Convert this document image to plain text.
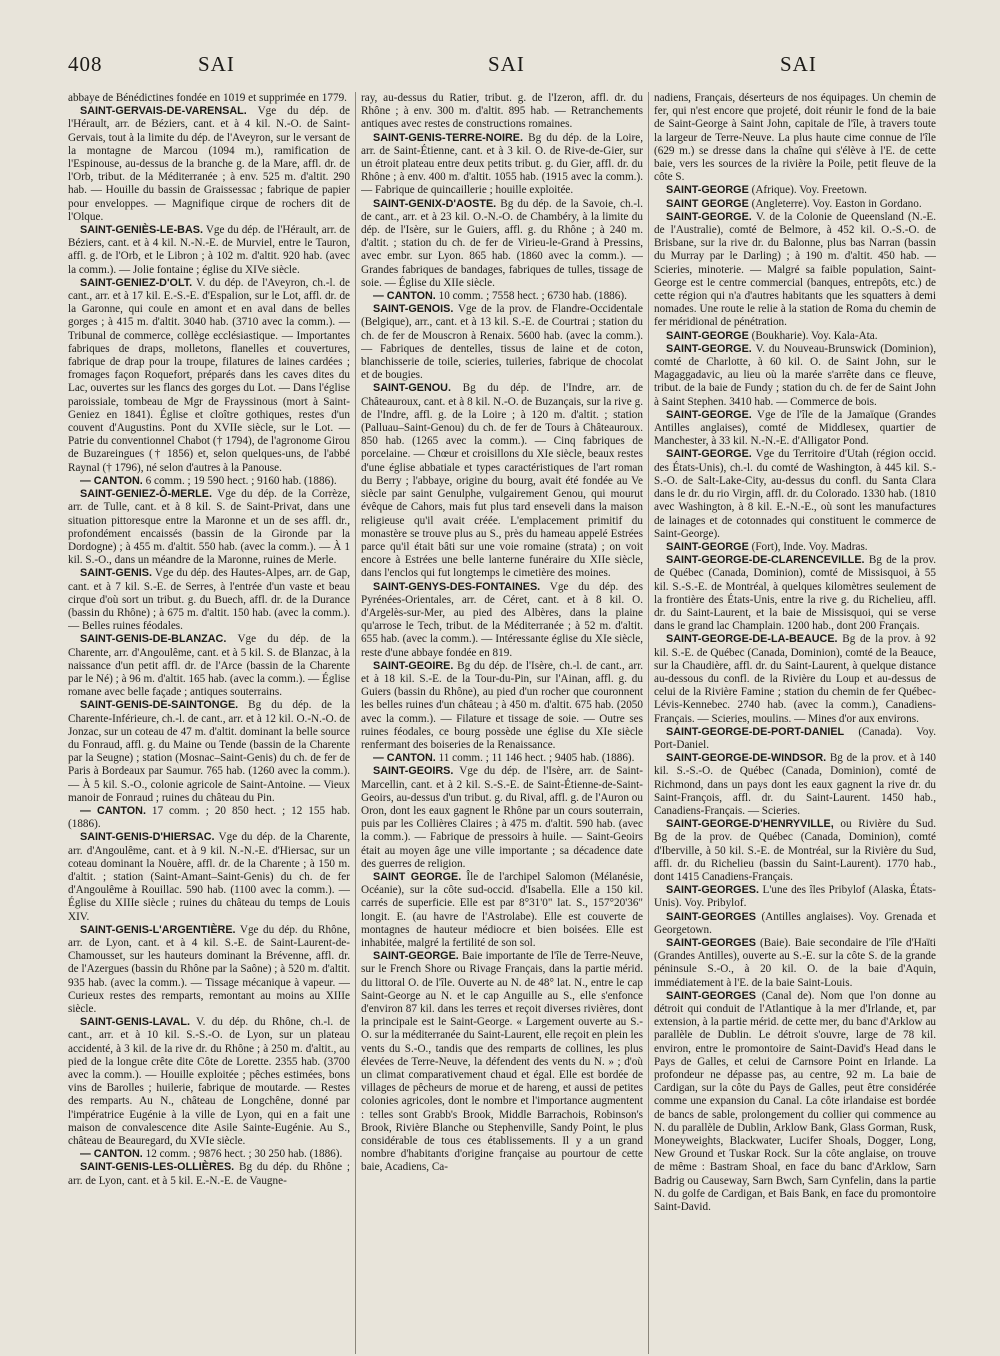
408	SAI	SAI	SAI

abbaye de Bénédictines fondée en 1019 et supprimée en 1779.

SAINT-GERVAIS-DE-VARENSAL. Vge du dép. de l'Hérault, arr. de Béziers, cant. et à 4 kil. N.-O. de Saint-Gervais, tout à la limite du dép. de l'Aveyron, sur le versant de la montagne de Marcou (1094 m.), ramification de l'Espinouse, au-dessus de la branche g. de la Mare, affl. dr. de l'Orb, tribut. de la Méditerranée ; à env. 525 m. d'altit. 290 hab. — Houille du bassin de Graissessac ; fabrique de papier pour enveloppes. — Magnifique cirque de rochers dit de l'Olque.

SAINT-GENIÈS-LE-BAS. Vge du dép. de l'Hérault, arr. de Béziers, cant. et à 4 kil. N.-N.-E. de Murviel, entre le Tauron, affl. g. de l'Orb, et le Libron ; à 102 m. d'altit. 920 hab. (avec la comm.). — Jolie fontaine ; église du XIVe siècle.

SAINT-GENIEZ-D'OLT. V. du dép. de l'Aveyron, ch.-l. de cant., arr. et à 17 kil. E.-S.-E. d'Espalion, sur le Lot, affl. dr. de la Garonne, qui coule en amont et en aval dans de belles gorges ; à 415 m. d'altit. 3040 hab. (3710 avec la comm.). — Tribunal de commerce, collège ecclésiastique. — Importantes fabriques de draps, molletons, flanelles et couvertures, fabrique de drap pour la troupe, filatures de laines cardées ; fromages façon Roquefort, préparés dans les caves dites du Lac, ouvertes sur les flancs des gorges du Lot. — Dans l'église paroissiale, tombeau de Mgr de Frayssinous (mort à Saint-Geniez en 1841). Église et cloître gothiques, restes d'un couvent d'Augustins. Pont du XVIIe siècle, sur le Lot. — Patrie du conventionnel Chabot († 1794), de l'agronome Girou de Buzareingues († 1856) et, selon quelques-uns, de l'abbé Raynal († 1796), né selon d'autres à la Panouse.

— CANTON. 6 comm. ; 19 590 hect. ; 9160 hab. (1886).

SAINT-GENIEZ-Ô-MERLE. Vge du dép. de la Corrèze, arr. de Tulle, cant. et à 8 kil. S. de Saint-Privat, dans une situation pittoresque entre la Maronne et un de ses affl. dr., profondément encaissés (bassin de la Gironde par la Dordogne) ; à 455 m. d'altit. 550 hab. (avec la comm.). — À 1 kil. S.-O., dans un méandre de la Maronne, ruines de Merle.

SAINT-GENIS. Vge du dép. des Hautes-Alpes, arr. de Gap, cant. et à 7 kil. S.-E. de Serres, à l'entrée d'un vaste et beau cirque d'où sort un tribut. g. du Buech, affl. dr. de la Durance (bassin du Rhône) ; à 675 m. d'altit. 150 hab. (avec la comm.). — Belles ruines féodales.

SAINT-GENIS-DE-BLANZAC. Vge du dép. de la Charente, arr. d'Angoulême, cant. et à 5 kil. S. de Blanzac, à la naissance d'un petit affl. dr. de l'Arce (bassin de la Charente par le Né) ; à 96 m. d'altit. 165 hab. (avec la comm.). — Église romane avec belle façade ; antiques souterrains.

SAINT-GENIS-DE-SAINTONGE. Bg du dép. de la Charente-Inférieure, ch.-l. de cant., arr. et à 12 kil. O.-N.-O. de Jonzac, sur un coteau de 47 m. d'altit. dominant la belle source du Fonraud, affl. g. du Maine ou Tende (bassin de la Charente par la Seugne) ; station (Mosnac–Saint-Genis) du ch. de fer de Paris à Bordeaux par Saumur. 765 hab. (1260 avec la comm.). — À 5 kil. S.-O., colonie agricole de Saint-Antoine. — Vieux manoir de Fonraud ; ruines du château du Pin.

— CANTON. 17 comm. ; 20 850 hect. ; 12 155 hab. (1886).

SAINT-GENIS-D'HIERSAC. Vge du dép. de la Charente, arr. d'Angoulême, cant. et à 9 kil. N.-N.-E. d'Hiersac, sur un coteau dominant la Nouère, affl. dr. de la Charente ; à 150 m. d'altit. ; station (Saint-Amant–Saint-Genis) du ch. de fer d'Angoulême à Rouillac. 590 hab. (1100 avec la comm.). — Église du XIIIe siècle ; ruines du château du temps de Louis XIV.

SAINT-GENIS-L'ARGENTIÈRE. Vge du dép. du Rhône, arr. de Lyon, cant. et à 4 kil. S.-E. de Saint-Laurent-de-Chamousset, sur les hauteurs dominant la Brévenne, affl. dr. de l'Azergues (bassin du Rhône par la Saône) ; à 520 m. d'altit. 935 hab. (avec la comm.). — Tissage mécanique à vapeur. — Curieux restes des remparts, remontant au moins au XIIIe siècle.

SAINT-GENIS-LAVAL. V. du dép. du Rhône, ch.-l. de cant., arr. et à 10 kil. S.-S.-O. de Lyon, sur un plateau accidenté, à 3 kil. de la rive dr. du Rhône ; à 250 m. d'altit., au pied de la longue crête dite Côte de Lorette. 2355 hab. (3700 avec la comm.). — Houille exploitée ; pêches estimées, bons vins de Barolles ; huilerie, fabrique de moutarde. — Restes des remparts. Au N., château de Longchêne, donné par l'impératrice Eugénie à la ville de Lyon, qui en a fait une maison de convalescence dite Asile Sainte-Eugénie. Au S., château de Beauregard, du XVIe siècle.

— CANTON. 12 comm. ; 9876 hect. ; 30 250 hab. (1886).

SAINT-GENIS-LES-OLLIÈRES. Bg du dép. du Rhône ; arr. de Lyon, cant. et à 5 kil. E.-N.-E. de Vaugne-

ray, au-dessus du Ratier, tribut. g. de l'Izeron, affl. dr. du Rhône ; à env. 300 m. d'altit. 895 hab. — Retranchements antiques avec restes de constructions romaines.

SAINT-GENIS-TERRE-NOIRE. Bg du dép. de la Loire, arr. de Saint-Étienne, cant. et à 3 kil. O. de Rive-de-Gier, sur un étroit plateau entre deux petits tribut. g. du Gier, affl. dr. du Rhône ; à env. 400 m. d'altit. 1055 hab. (1915 avec la comm.). — Fabrique de quincaillerie ; houille exploitée.

SAINT-GENIX-D'AOSTE. Bg du dép. de la Savoie, ch.-l. de cant., arr. et à 23 kil. O.-N.-O. de Chambéry, à la limite du dép. de l'Isère, sur le Guiers, affl. g. du Rhône ; à 240 m. d'altit. ; station du ch. de fer de Virieu-le-Grand à Pressins, avec embr. sur Lyon. 865 hab. (1860 avec la comm.). — Grandes fabriques de bandages, fabriques de tulles, tissage de soie. — Église du XIIe siècle.

— CANTON. 10 comm. ; 7558 hect. ; 6730 hab. (1886).

SAINT-GENOIS. Vge de la prov. de Flandre-Occidentale (Belgique), arr., cant. et à 13 kil. S.-E. de Courtrai ; station du ch. de fer de Mouscron à Renaix. 5600 hab. (avec la comm.). — Fabriques de dentelles, tissus de laine et de coton, blanchisserie de toile, scieries, tuileries, fabrique de chocolat et de bougies.

SAINT-GENOU. Bg du dép. de l'Indre, arr. de Châteauroux, cant. et à 8 kil. N.-O. de Buzançais, sur la rive g. de l'Indre, affl. g. de la Loire ; à 120 m. d'altit. ; station (Palluau–Saint-Genou) du ch. de fer de Tours à Châteauroux. 850 hab. (1265 avec la comm.). — Cinq fabriques de porcelaine. — Chœur et croisillons du XIe siècle, beaux restes d'une église abbatiale et types caractéristiques de l'art roman du Berry ; l'abbaye, origine du bourg, avait été fondée au Ve siècle par saint Genulphe, vulgairement Genou, qui mourut évêque de Cahors, mais fut plus tard enseveli dans la maison religieuse qu'il avait créée. L'emplacement primitif du monastère se trouve plus au S., près du hameau appelé Estrées parce qu'il était bâti sur une voie romaine (strata) ; on voit encore à Estrées une belle lanterne funéraire du XIIe siècle, dans l'enclos qui fut longtemps le cimetière des moines.

SAINT-GENYS-DES-FONTAINES. Vge du dép. des Pyrénées-Orientales, arr. de Céret, cant. et à 8 kil. O. d'Argelès-sur-Mer, au pied des Albères, dans la plaine qu'arrose le Tech, tribut. de la Méditerranée ; à 52 m. d'altit. 655 hab. (avec la comm.). — Intéressante église du XIe siècle, reste d'une abbaye fondée en 819.

SAINT-GEOIRE. Bg du dép. de l'Isère, ch.-l. de cant., arr. et à 18 kil. S.-E. de la Tour-du-Pin, sur l'Ainan, affl. g. du Guiers (bassin du Rhône), au pied d'un rocher que couronnent les belles ruines d'un château ; à 450 m. d'altit. 675 hab. (2050 avec la comm.). — Filature et tissage de soie. — Outre ses ruines féodales, ce bourg possède une église du XIe siècle renfermant des boiseries de la Renaissance.

— CANTON. 11 comm. ; 11 146 hect. ; 9405 hab. (1886).

SAINT-GEOIRS. Vge du dép. de l'Isère, arr. de Saint-Marcellin, cant. et à 2 kil. S.-S.-E. de Saint-Étienne-de-Saint-Geoirs, au-dessus d'un tribut. g. du Rival, affl. g. de l'Auron ou Oron, dont les eaux gagnent le Rhône par un cours souterrain, puis par les Collières Claires ; à 475 m. d'altit. 590 hab. (avec la comm.). — Fabrique de pressoirs à huile. — Saint-Geoirs était au moyen âge une ville importante ; sa décadence date des guerres de religion.

SAINT GEORGE. Île de l'archipel Salomon (Mélanésie, Océanie), sur la côte sud-occid. d'Isabella. Elle a 150 kil. carrés de superficie. Elle est par 8°31'0" lat. S., 157°20'36" longit. E. (au havre de l'Astrolabe). Elle est couverte de montagnes de hauteur médiocre et bien boisées. Elle est inhabitée, malgré la fertilité de son sol.

SAINT-GEORGE. Baie importante de l'île de Terre-Neuve, sur le French Shore ou Rivage Français, dans la partie mérid. du littoral O. de l'île. Ouverte au N. de 48° lat. N., entre le cap Saint-George au N. et le cap Anguille au S., elle s'enfonce d'environ 87 kil. dans les terres et reçoit diverses rivières, dont la principale est le Saint-George. « Largement ouverte au S.-O. sur la méditerranée du Saint-Laurent, elle reçoit en plein les vents du S.-O., tandis que des remparts de collines, les plus élevées de Terre-Neuve, la défendent des vents du N. » ; d'où un climat comparativement chaud et égal. Elle est bordée de villages de pêcheurs de morue et de hareng, et aussi de petites colonies agricoles, dont le nombre et l'importance augmentent : telles sont Grabb's Brook, Middle Barrachois, Robinson's Brook, Rivière Blanche ou Stephenville, Sandy Point, le plus considérable de tous ces établissements. Il y a un grand nombre d'habitants d'origine française au pourtour de cette baie, Acadiens, Ca-

nadiens, Français, déserteurs de nos équipages. Un chemin de fer, qui n'est encore que projeté, doit réunir le fond de la baie de Saint-George à Saint John, capitale de l'île, à travers toute la largeur de Terre-Neuve. La plus haute cime connue de l'île (629 m.) se dresse dans la chaîne qui s'élève à l'E. de cette baie, vers les sources de la rivière la Poile, petit fleuve de la côte S.

SAINT-GEORGE (Afrique). Voy. Freetown.

SAINT GEORGE (Angleterre). Voy. Easton in Gordano.

SAINT-GEORGE. V. de la Colonie de Queensland (N.-E. de l'Australie), comté de Belmore, à 452 kil. O.-S.-O. de Brisbane, sur la rive dr. du Balonne, plus bas Narran (bassin du Murray par le Darling) ; à 190 m. d'altit. 450 hab. — Scieries, minoterie. — Malgré sa faible population, Saint-George est le centre commercial (banques, entrepôts, etc.) de cette région qui n'a d'autres habitants que les squatters à demi nomades. Une route le relie à la station de Roma du chemin de fer méridional de pénétration.

SAINT-GEORGE (Boukharie). Voy. Kala-Ata.

SAINT-GEORGE. V. du Nouveau-Brunswick (Dominion), comté de Charlotte, à 60 kil. O. de Saint John, sur le Magaggadavic, au lieu où la marée s'arrête dans ce fleuve, tribut. de la baie de Fundy ; station du ch. de fer de Saint John à Saint Stephen. 3410 hab. — Commerce de bois.

SAINT-GEORGE. Vge de l'île de la Jamaïque (Grandes Antilles anglaises), comté de Middlesex, quartier de Manchester, à 33 kil. N.-N.-E. d'Alligator Pond.

SAINT-GEORGE. Vge du Territoire d'Utah (région occid. des États-Unis), ch.-l. du comté de Washington, à 445 kil. S.-S.-O. de Salt-Lake-City, au-dessus du confl. du Santa Clara dans le dr. du rio Virgin, affl. dr. du Colorado. 1330 hab. (1810 avec Washington, à 8 kil. E.-N.-E., où sont les manufactures de lainages et de cotonnades qui constituent le commerce de Saint-George).

SAINT-GEORGE (Fort), Inde. Voy. Madras.

SAINT-GEORGE-DE-CLARENCEVILLE. Bg de la prov. de Québec (Canada, Dominion), comté de Missisquoi, à 55 kil. S.-S.-E. de Montréal, à quelques kilomètres seulement de la frontière des États-Unis, entre la rive g. du Richelieu, affl. dr. du Saint-Laurent, et la baie de Missisquoi, qui se verse dans le grand lac Champlain. 1200 hab., dont 200 Français.

SAINT-GEORGE-DE-LA-BEAUCE. Bg de la prov. à 92 kil. S.-E. de Québec (Canada, Dominion), comté de la Beauce, sur la Chaudière, affl. dr. du Saint-Laurent, à quelque distance au-dessous du confl. de la Rivière du Loup et au-dessus de celui de la Rivière Famine ; station du chemin de fer Québec-Lévis-Kennebec. 2740 hab. (avec la comm.), Canadiens-Français. — Scieries, moulins. — Mines d'or aux environs.

SAINT-GEORGE-DE-PORT-DANIEL (Canada). Voy. Port-Daniel.

SAINT-GEORGE-DE-WINDSOR. Bg de la prov. et à 140 kil. S.-S.-O. de Québec (Canada, Dominion), comté de Richmond, dans un pays dont les eaux gagnent la rive dr. du Saint-François, affl. dr. du Saint-Laurent. 1450 hab., Canadiens-Français. — Scieries.

SAINT-GEORGE-D'HENRYVILLE, ou Rivière du Sud. Bg de la prov. de Québec (Canada, Dominion), comté d'Iberville, à 50 kil. S.-E. de Montréal, sur la Rivière du Sud, affl. dr. du Richelieu (bassin du Saint-Laurent). 1770 hab., dont 1415 Canadiens-Français.

SAINT-GEORGES. L'une des îles Pribylof (Alaska, États-Unis). Voy. Pribylof.

SAINT-GEORGES (Antilles anglaises). Voy. Grenada et Georgetown.

SAINT-GEORGES (Baie). Baie secondaire de l'île d'Haïti (Grandes Antilles), ouverte au S.-E. sur la côte S. de la grande péninsule S.-O., à 20 kil. O. de la baie d'Aquin, immédiatement à l'E. de la baie Saint-Louis.

SAINT-GEORGES (Canal de). Nom que l'on donne au détroit qui conduit de l'Atlantique à la mer d'Irlande, et, par extension, à la partie mérid. de cette mer, du banc d'Arklow au parallèle de Dublin. Le détroit s'ouvre, large de 78 kil. environ, entre le promontoire de Saint-David's Head dans le Pays de Galles, et celui de Carnsore Point en Irlande. La profondeur ne dépasse pas, au centre, 92 m. La baie de Cardigan, sur la côte du Pays de Galles, peut être considérée comme une expansion du Canal. La côte irlandaise est bordée de bancs de sable, prolongement du collier qui commence au N. du parallèle de Dublin, Arklow Bank, Glass Gorman, Rusk, Moneyweights, Blackwater, Lucifer Shoals, Dogger, Long, New Ground et Tuskar Rock. Sur la côte anglaise, on trouve de même : Bastram Shoal, en face du banc d'Arklow, Sarn Badrig ou Causeway, Sarn Bwch, Sarn Cynfelin, dans la partie N. du golfe de Cardigan, et Bais Bank, en face du promontoire Saint-David.
